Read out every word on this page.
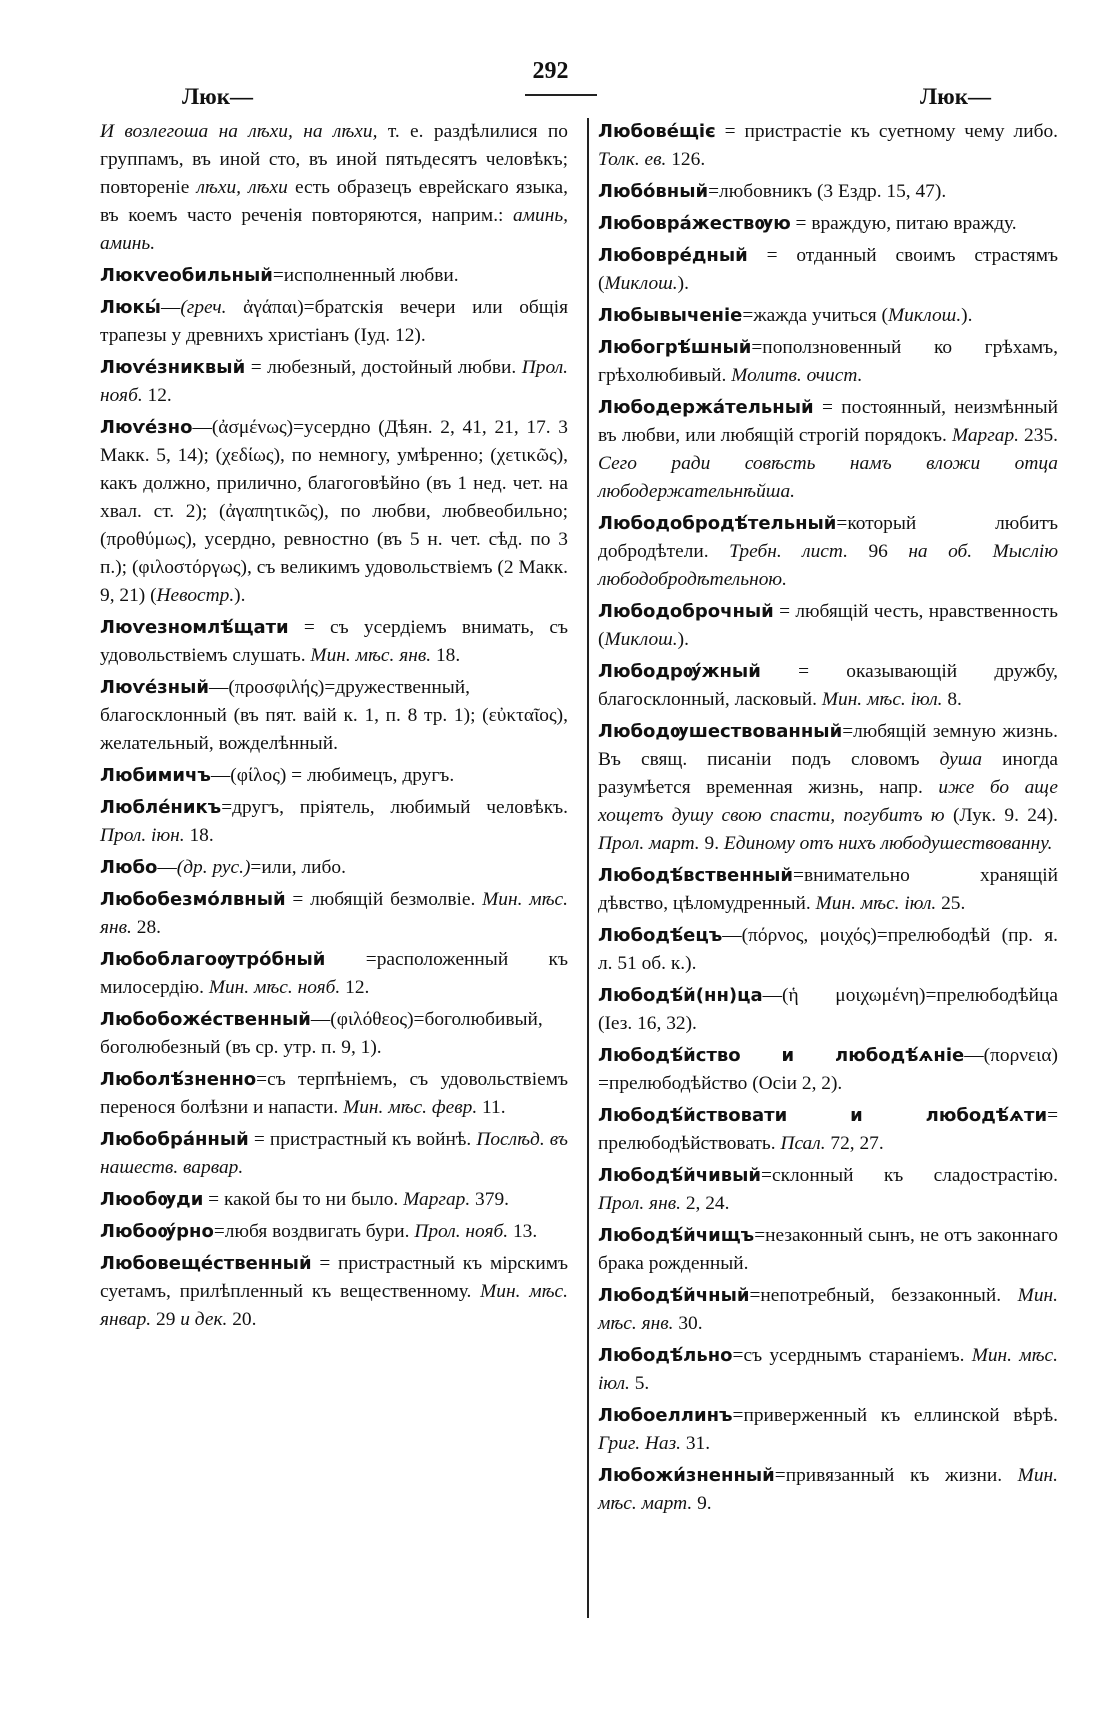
292
Люк—	Люк—
И возлегоша на лѣхи, на лѣхи, т. е. раздѣлилися по группамъ, въ иной сто, въ иной пятьдесятъ человѣкъ; повтореніе лѣхи, лѣхи есть образецъ еврейскаго языка, въ коемъ часто реченія повторяются, наприм.: аминь, аминь.
Люкѵеобильный=исполненный любви.
Люкы́—(греч. ἀγάπαι)=братскія вечери или общія трапезы у древнихъ христіанъ (Іуд. 12).
Люѵе́зниквый = любезный, достойный любви. Прол. нояб. 12.
Люѵе́зно—(ἀσμένως)=усердно (Дѣян. 2, 41, 21, 17. 3 Макк. 5, 14); (χεδίως), по немногу, умѣренно; (χετικῶς), какъ должно, прилично, благоговѣйно (въ 1 нед. чет. на хвал. ст. 2); (ἀγαπητικῶς), по любви, любвеобильно; (προθύμως), усердно, ревностно (въ 5 н. чет. сѣд. по 3 п.); (φιλοστόργως), съ великимъ удовольствіемъ (2 Макк. 9, 21) (Невостр.).
Люѵезномлѣ́щати = съ усердіемъ внимать, съ удовольствіемъ слушать. Мин. мѣс. янв. 18.
Люѵе́зный—(προσφιλής)=дружественный, благосклонный (въ пят. вaій к. 1, п. 8 тр. 1); (εὐκταῖος), желательный, вожделѣнный.
Любимичъ—(φίλος) = любимецъ, другъ.
Любле́никъ=другъ, пріятель, любимый человѣкъ. Прол. іюн. 18.
Любо—(др. рус.)=или, либо.
Любобезмо́лвный = любящій безмолвіе. Мин. мѣс. янв. 28.
Любоблагоѹтро́бный =расположенный къ милосердію. Мин. мѣс. нояб. 12.
Любобоже́ственный—(φιλόθεος)=боголюбивый, боголюбезный (въ ср. утр. п. 9, 1).
Люболѣ́зненно=съ терпѣніемъ, съ удовольствіемъ перенося болѣзни и напасти. Мин. мѣс. февр. 11.
Любобра́нный = пристрастный къ войнѣ. Послѣд. въ нашеств. варвар.
Люобѹди = какой бы то ни было. Маргар. 379.
Любоѹ́рно=любя воздвигать бури. Прол. нояб. 13.
Любовеще́ственный = пристрастный къ мірскимъ суетамъ, прилѣпленный къ вещественному. Мин. мѣс. январ. 29 и дек. 20.
Любове́щіє = пристрастіе къ суетному чему либо. Толк. ев. 126.
Любо́вный=любовникъ (3 Ездр. 15, 47).
Любовра́жествѹю = враждую, питаю вражду.
Любовре́дный = отданный своимъ страстямъ (Миклош.).
Любывыченіе=жажда учиться (Миклош.).
Любогрѣ́шный=поползновенный ко грѣхамъ, грѣхолюбивый. Молитв. очист.
Любодержа́тельный = постоянный, неизмѣнный въ любви, или любящій строгій порядокъ. Маргар. 235. Сего ради совѣсть намъ вложи отца любодержательнѣйша.
Любодобродѣ́тельный=который любитъ добродѣтели. Требн. лист. 96 на об. Мыслію любодобродѣтельною.
Любодоброчный = любящій честь, нравственность (Миклош.).
Любодрѹ́жный = оказывающій дружбу, благосклонный, ласковый. Мин. мѣс. іюл. 8.
Любодѹшествованный=любящій земную жизнь. Въ свящ. писаніи подъ словомъ душа иногда разумѣется временная жизнь, напр. иже бо аще хощетъ душу свою спасти, погубитъ ю (Лук. 9. 24). Прол. март. 9. Единому отъ нихъ любодушествованну.
Любодѣ́вственный=внимательно хранящій дѣвство, цѣломудренный. Мин. мѣс. іюл. 25.
Любодѣ́ецъ—(πόρνος, μοιχός)=прелюбодѣй (пр. я. л. 51 об. к.).
Любодѣ́й(нн)ца—(ἡ μοιχωμένη)=прелюбодѣйца (Iез. 16, 32).
Любодѣ́йство и любодѣ́ѧніе—(πορνεια) =прелюбодѣйство (Осіи 2, 2).
Любодѣ́йствовати и любодѣ́ѧти= прелюбодѣйствовать. Псал. 72, 27.
Любодѣ́йчивый=склонный къ сладострастію. Прол. янв. 2, 24.
Любодѣ́йчищъ=незаконный сынъ, не отъ законнаго брака рожденный.
Любодѣ́йчный=непотребный, беззаконный. Мин. мѣс. янв. 30.
Любодѣ́льно=съ усерднымъ стараніемъ. Мин. мѣс. іюл. 5.
Любоеллинъ=приверженный къ еллинской вѣрѣ. Григ. Наз. 31.
Любожи́зненный=привязанный къ жизни. Мин. мѣс. март. 9.
